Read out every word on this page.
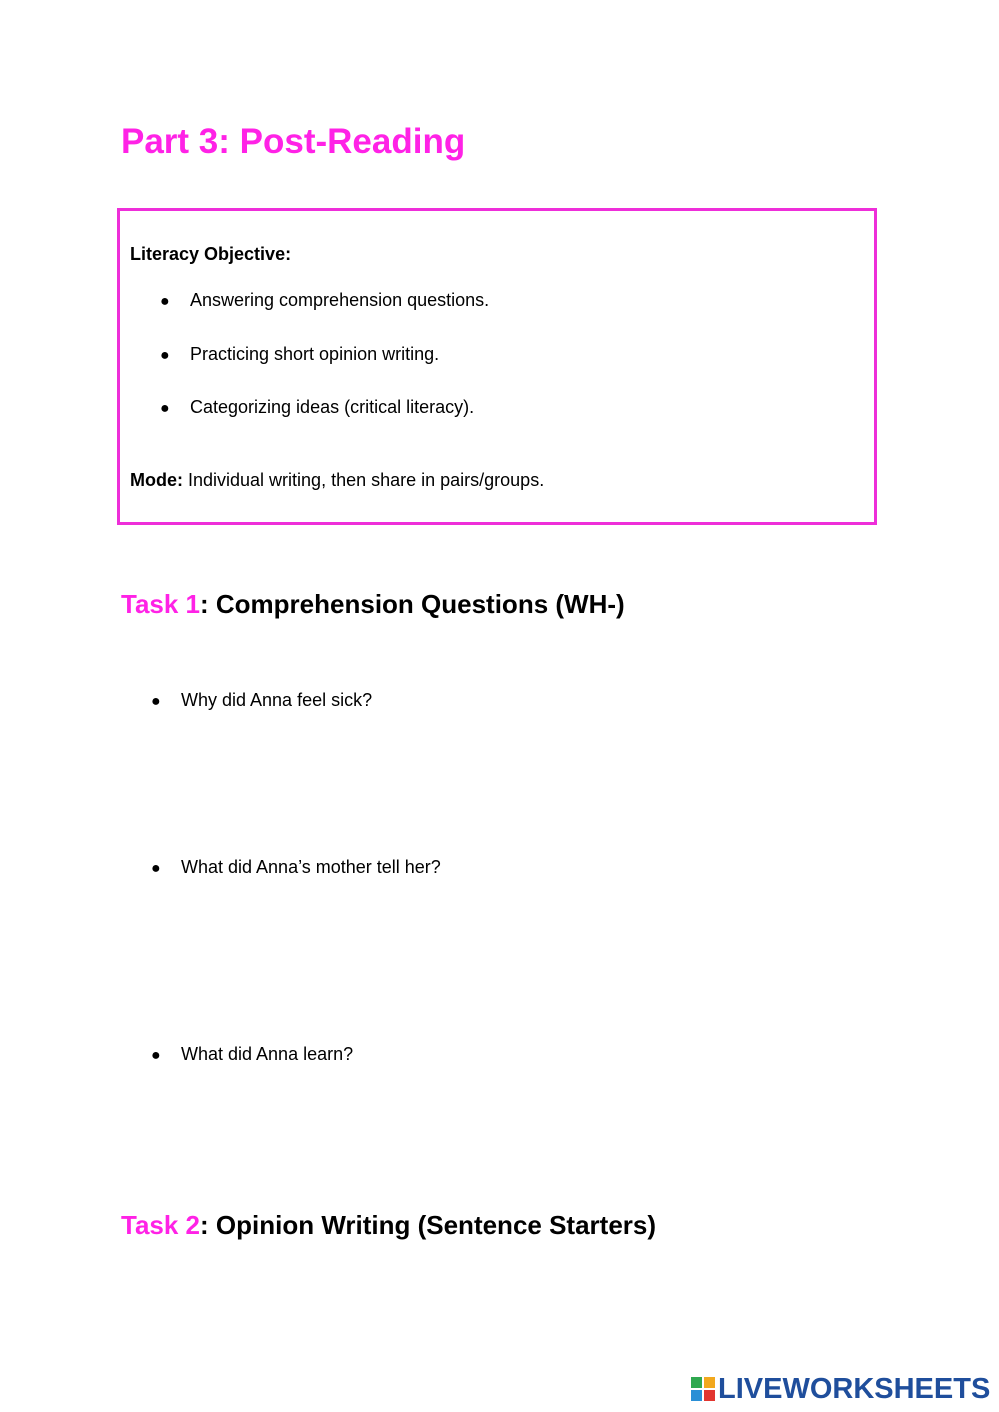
Part 3: Post-Reading
Literacy Objective:
● Answering comprehension questions.
● Practicing short opinion writing.
● Categorizing ideas (critical literacy).
Mode: Individual writing, then share in pairs/groups.
Task 1: Comprehension Questions (WH-)
● Why did Anna feel sick?
● What did Anna’s mother tell her?
● What did Anna learn?
Task 2: Opinion Writing (Sentence Starters)
LIVEWORKSHEETS
